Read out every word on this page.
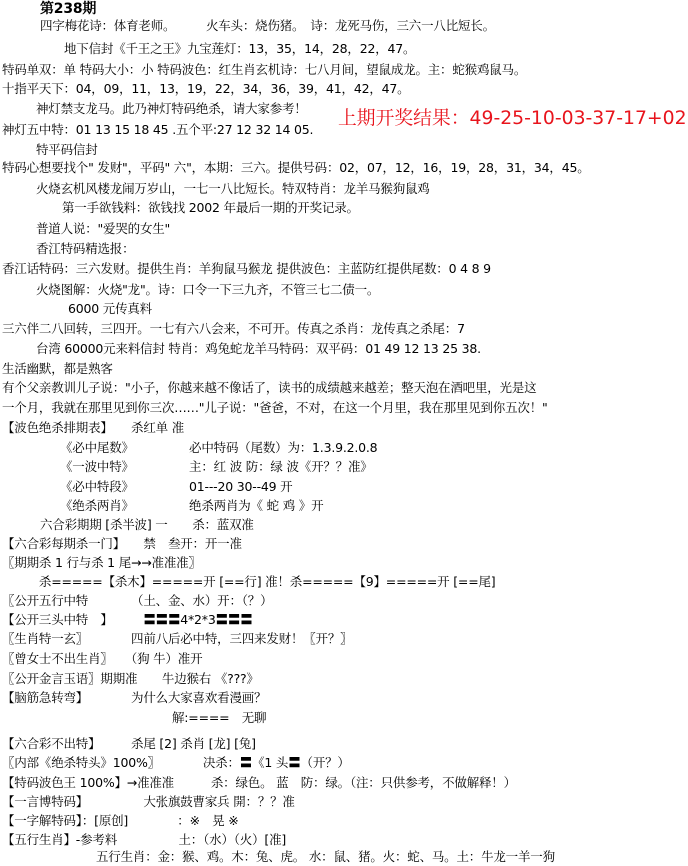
第238期
四字梅花诗：体育老师。　　　火车头：烧伤猪。　诗：龙死马伤，三六一八比短长。
地下信封《千王之王》九宝莲灯：13，35，14，28，22，47。
特码单双：单 特码大小：小 特码波色：红生肖玄机诗：七八月间，望鼠成龙。主：蛇猴鸡鼠马。
十指平天下：04，09，11，13，19，22，34，36，39，41，42，47。
神灯禁支龙马。此乃神灯特码绝杀，请大家参考！
神灯五中特：01 13 15 18 45 .五个平:27 12 32 14 05.
上期开奖结果：49-25-10-03-37-17+02
特平码信封
特码心想要找个" 发财"，平码" 六"，本期：三六。提供号码：02，07，12，16，19，28，31，34，45。
火烧玄机风楼龙闹万岁山，一七一八比短长。特双特肖：龙羊马猴狗鼠鸡
第一手欲钱料：欲钱找 2002 年最后一期的开奖记录。
普道人说："爱哭的女生"
香江特码精选报：
香江话特码：三六发财。提供生肖：羊狗鼠马猴龙 提供波色：主蓝防红提供尾数：0 4 8 9
火烧图解：火烧"龙"。诗：口令一下三九齐，不管三七二债一。
6000 元传真料
三六伴二八回转，三四开。一七有六八会来，不可开。传真之杀肖：龙传真之杀尾：7
台湾 60000元来料信封 特肖：鸡兔蛇龙羊马特码：双平码：01 49 12 13 25 38.
生活幽默，都是熟客
有个父亲教训儿子说："小子，你越来越不像话了，读书的成绩越来越差；整天泡在酒吧里，光是这
一个月，我就在那里见到你三次……"儿子说："爸爸，不对，在这一个月里，我在那里见到你五次！"
【波色绝杀排期表】　　杀红单 准
《必中尾数》　　　　　必中特码（尾数）为：1.3.9.2.0.8
《一波中特》　　　　　主：红 波 防：绿 波《开？？准》
《必中特段》　　　　　01---20 30--49 开
《绝杀两肖》　　　　　绝杀两肖为《 蛇 鸡 》开
六合彩期期 [杀半波] 一　　杀：蓝双准
【六合彩每期杀一门】　　禁　叁开：开一准
〖期期杀 1 行与杀 1 尾→→准准准〗
　　　杀=====【杀木】=====开 [==行] 准！杀=====【9】=====开 [==尾]
〖公开五行中特　　　　（土、金、水）开：（？）
【公开三头中特　】　　　〓〓〓4*2*3〓〓〓
〖生肖特一玄〗　　　　四前八后必中特，三四来发财！〖开？〗
〖曾女士不出生肖〗　　（狗 牛）准开
〖公开金言玉语〗期期准　　牛边猴右 《???》
【脑筋急转弯】　　　　为什么大家喜欢看漫画？
解:====　无聊
【六合彩不出特】　　　杀尾 [2] 杀肖 [龙] [兔]
〖内部《绝杀特头》100%〗　　　　决杀：〓《1 头〓（开？）
【特码波色王 100%】→准准准　　　杀：绿色。 蓝　防：绿。（注：只供参考，不做解释！）
【一言博特码】　　　　　大张旗鼓曹家兵 開：？？准
【一字解特码】：[原创]　　　　：※　晃 ※
【五行生肖】-参考料　　　　　土：（水）（火）[准]
五行生肖：金：猴、鸡。木：兔、虎。 水：鼠、猪。火：蛇、马。土：牛龙一羊一狗
